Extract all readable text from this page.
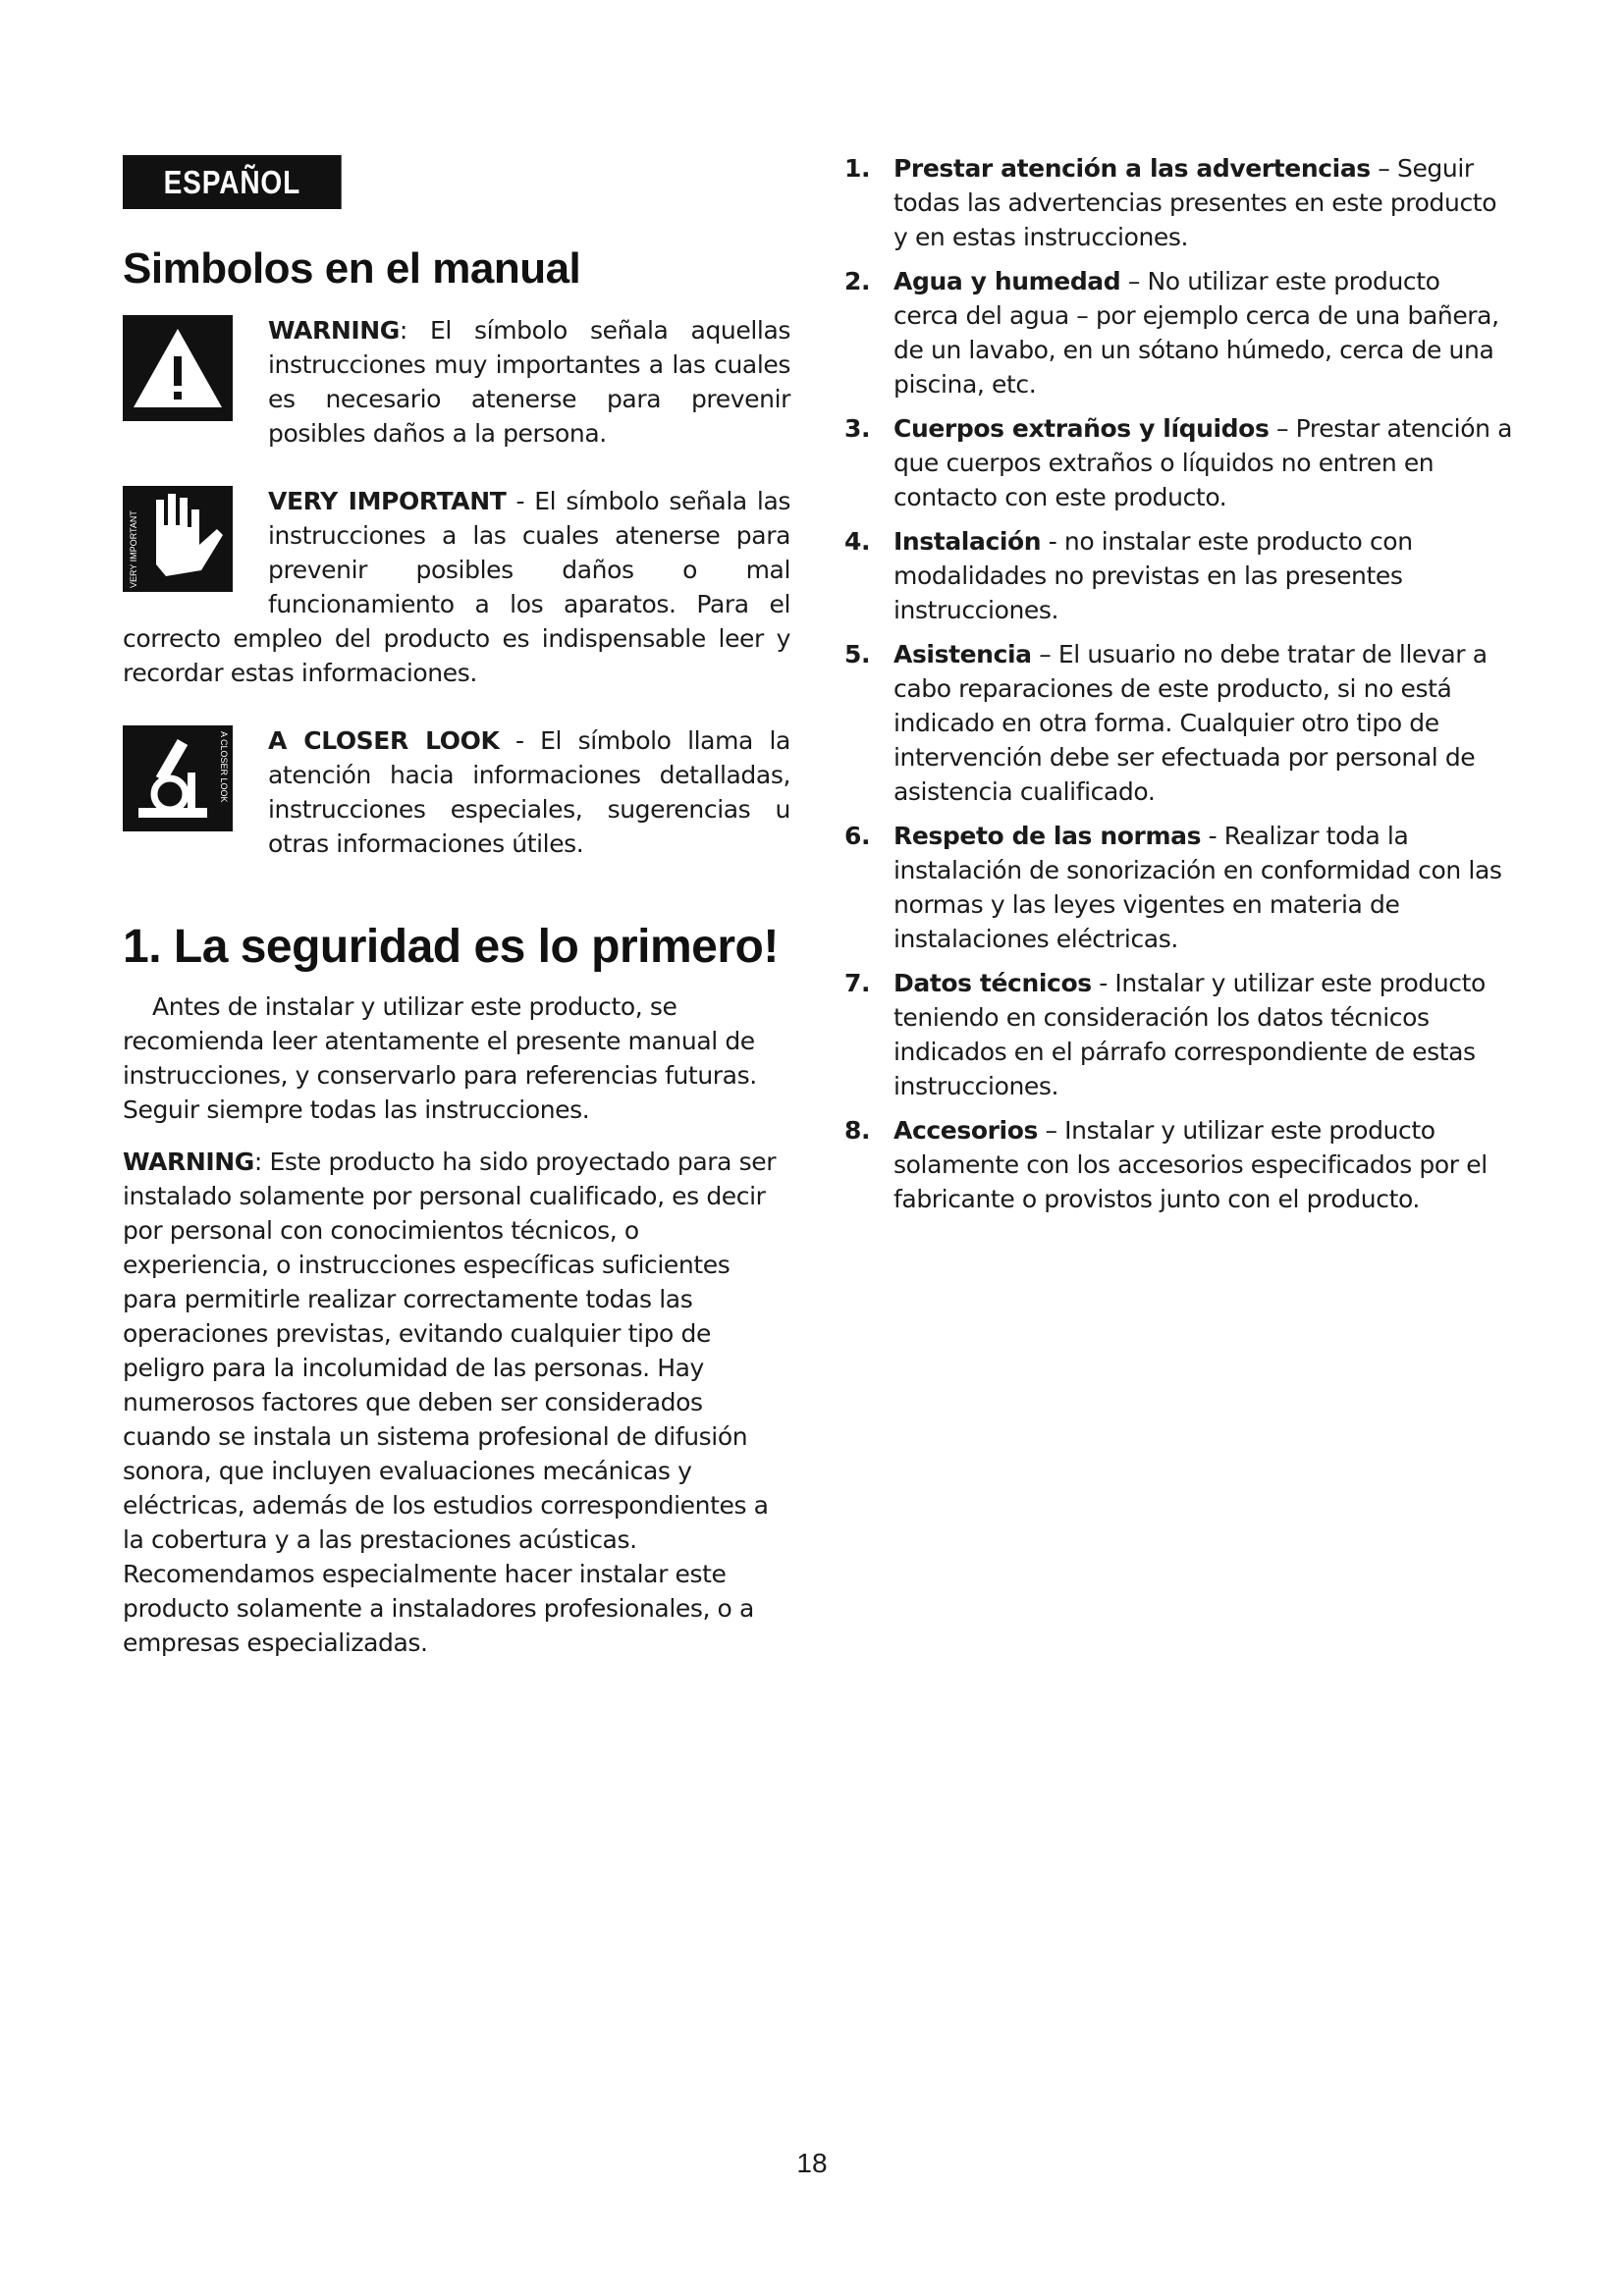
ESPAÑOL
Simbolos en el manual

WARNING: El símbolo señala aquellas instrucciones muy importantes a las cuales es necesario atenerse para prevenir posibles daños a la persona.

VERY IMPORTANT

VERY IMPORTANT - El símbolo señala las instrucciones a las cuales atenerse para prevenir posibles daños o mal funcionamiento a los aparatos. Para el correcto empleo del producto es indispensable leer y recordar estas informaciones.

A CLOSER LOOK	A CLOSER LOOK - El símbolo llama la atención hacia informaciones detalladas, instrucciones especiales, sugerencias u otras informaciones útiles.

1. La seguridad es lo primero!

Antes de instalar y utilizar este producto, se recomienda leer atentamente el presente manual de instrucciones, y conservarlo para referencias futuras. Seguir siempre todas las instrucciones.

WARNING: Este producto ha sido proyectado para ser instalado solamente por personal cualificado, es decir por personal con conocimientos técnicos, o experiencia, o instrucciones específicas suficientes para permitirle realizar correctamente todas las operaciones previstas, evitando cualquier tipo de peligro para la incolumidad de las personas. Hay numerosos factores que deben ser considerados cuando se instala un sistema profesional de difusión sonora, que incluyen evaluaciones mecánicas y eléctricas, además de los estudios correspondientes a la cobertura y a las prestaciones acústicas. Recomendamos especialmente hacer instalar este producto solamente a instaladores profesionales, o a empresas especializadas.

1. Prestar atención a las advertencias – Seguir todas las advertencias presentes en este producto y en estas instrucciones.
2. Agua y humedad – No utilizar este producto cerca del agua – por ejemplo cerca de una bañera, de un lavabo, en un sótano húmedo, cerca de una piscina, etc.
3. Cuerpos extraños y líquidos – Prestar atención a que cuerpos extraños o líquidos no entren en contacto con este producto.
4. Instalación - no instalar este producto con modalidades no previstas en las presentes instrucciones.
5. Asistencia – El usuario no debe tratar de llevar a cabo reparaciones de este producto, si no está indicado en otra forma. Cualquier otro tipo de intervención debe ser efectuada por personal de asistencia cualificado.
6. Respeto de las normas - Realizar toda la instalación de sonorización en conformidad con las normas y las leyes vigentes en materia de instalaciones eléctricas.
7. Datos técnicos - Instalar y utilizar este producto teniendo en consideración los datos técnicos indicados en el párrafo correspondiente de estas instrucciones.
8. Accesorios – Instalar y utilizar este producto solamente con los accesorios especificados por el fabricante o provistos junto con el producto.
18
